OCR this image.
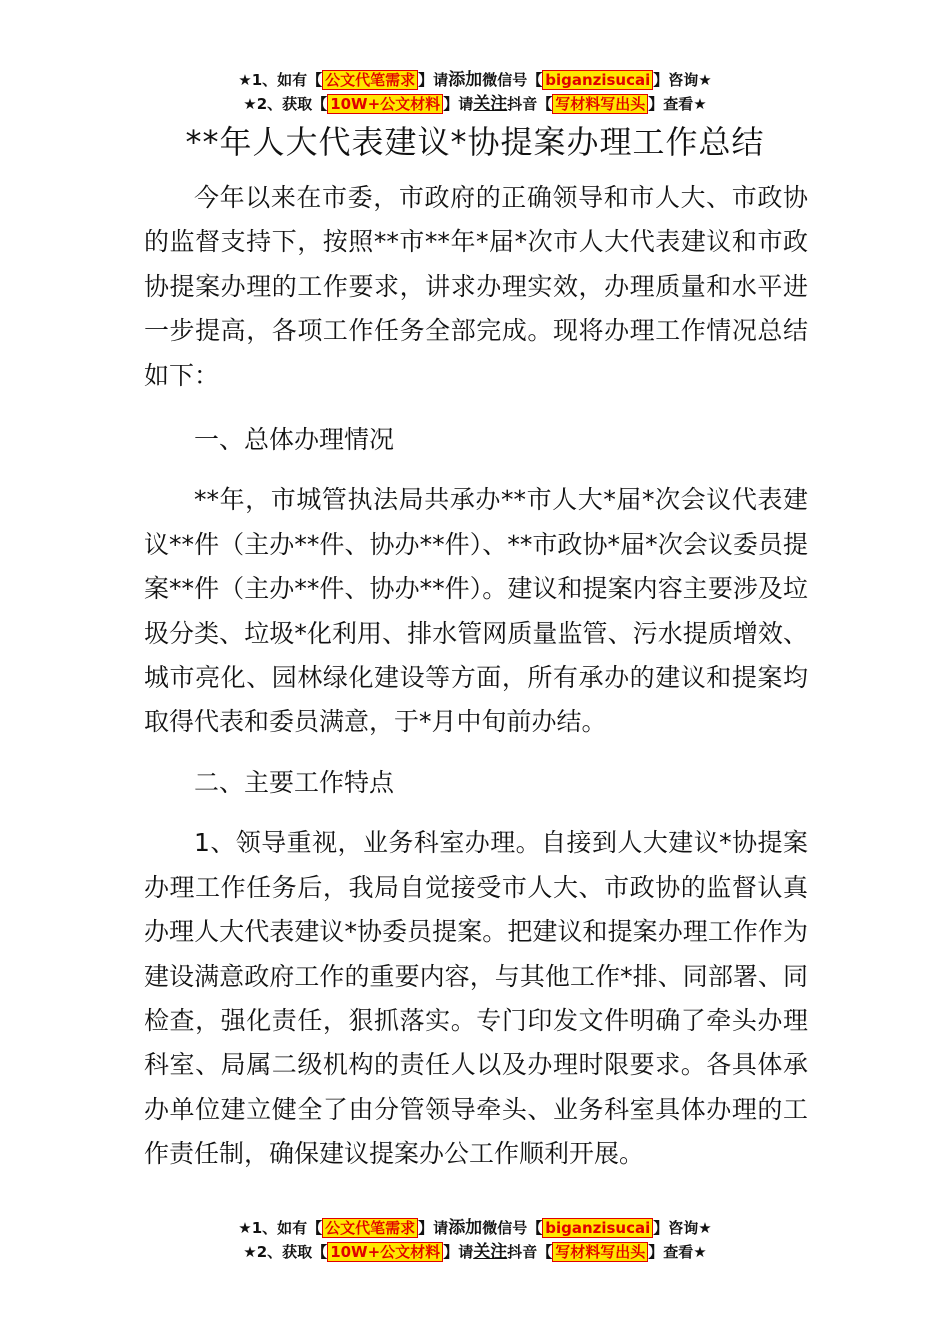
★1、如有【 公文代笔需求 】请添加微信号【 biganzisucai 】咨询★
★2、获取【 10W+公文材料 】请关注抖音【 写材料写出头 】查看★
**年人大代表建议*协提案办理工作总结

今年以来在市委，市政府的正确领导和市人大、市政协的监督支持下，按照**市**年*届*次市人大代表建议和市政协提案办理的工作要求，讲求办理实效，办理质量和水平进一步提高，各项工作任务全部完成。现将办理工作情况总结如下：

一、总体办理情况

**年，市城管执法局共承办**市人大*届*次会议代表建议**件（主办**件、协办**件）、**市政协*届*次会议委员提案**件（主办**件、协办**件）。建议和提案内容主要涉及垃圾分类、垃圾*化利用、排水管网质量监管、污水提质增效、城市亮化、园林绿化建设等方面，所有承办的建议和提案均取得代表和委员满意，于*月中旬前办结。

二、主要工作特点

1、领导重视，业务科室办理。自接到人大建议*协提案办理工作任务后，我局自觉接受市人大、市政协的监督认真办理人大代表建议*协委员提案。把建议和提案办理工作作为建设满意政府工作的重要内容，与其他工作*排、同部署、同检查，强化责任，狠抓落实。专门印发文件明确了牵头办理科室、局属二级机构的责任人以及办理时限要求。各具体承办单位建立健全了由分管领导牵头、业务科室具体办理的工作责任制，确保建议提案办公工作顺利开展。

★1、如有【 公文代笔需求 】请添加微信号【 biganzisucai 】咨询★
★2、获取【 10W+公文材料 】请关注抖音【 写材料写出头 】查看★
